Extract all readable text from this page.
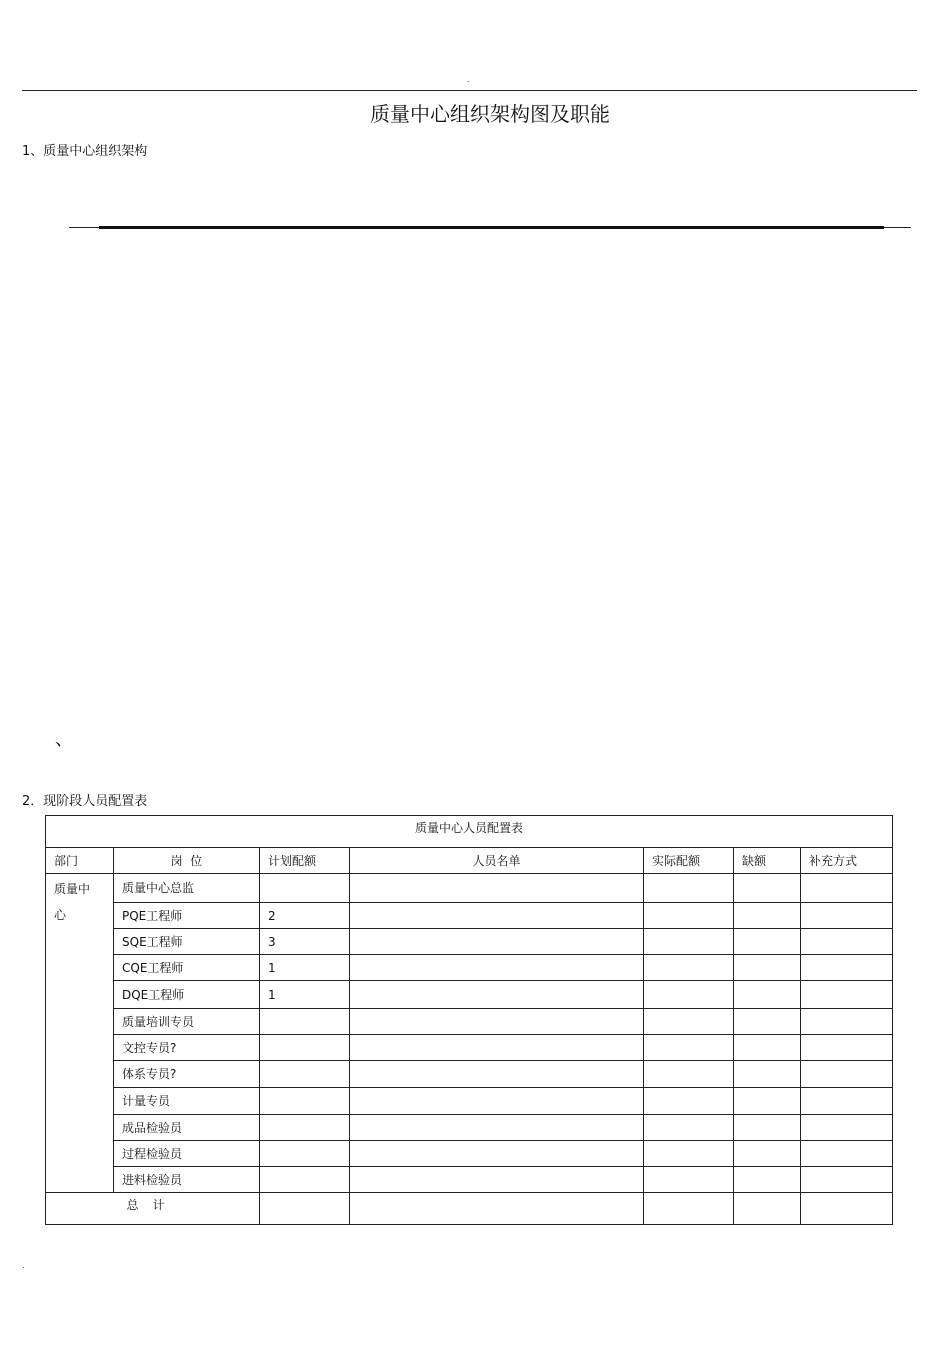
.
质量中心组织架构图及职能
1、质量中心组织架构
、
2．现阶段人员配置表
质量中心人员配置表						
部门	岗  位	计划配额	人员名单	实际配额	缺额	补充方式
质量中心	质量中心总监					
	PQE工程师	2				
	SQE工程师	3				
	CQE工程师	1				
	DQE工程师	1				
	质量培训专员					
	文控专员?					
	体系专员?					
	计量专员					
	成品检验员					
	过程检验员					
	进料检验员					
总计						
.
